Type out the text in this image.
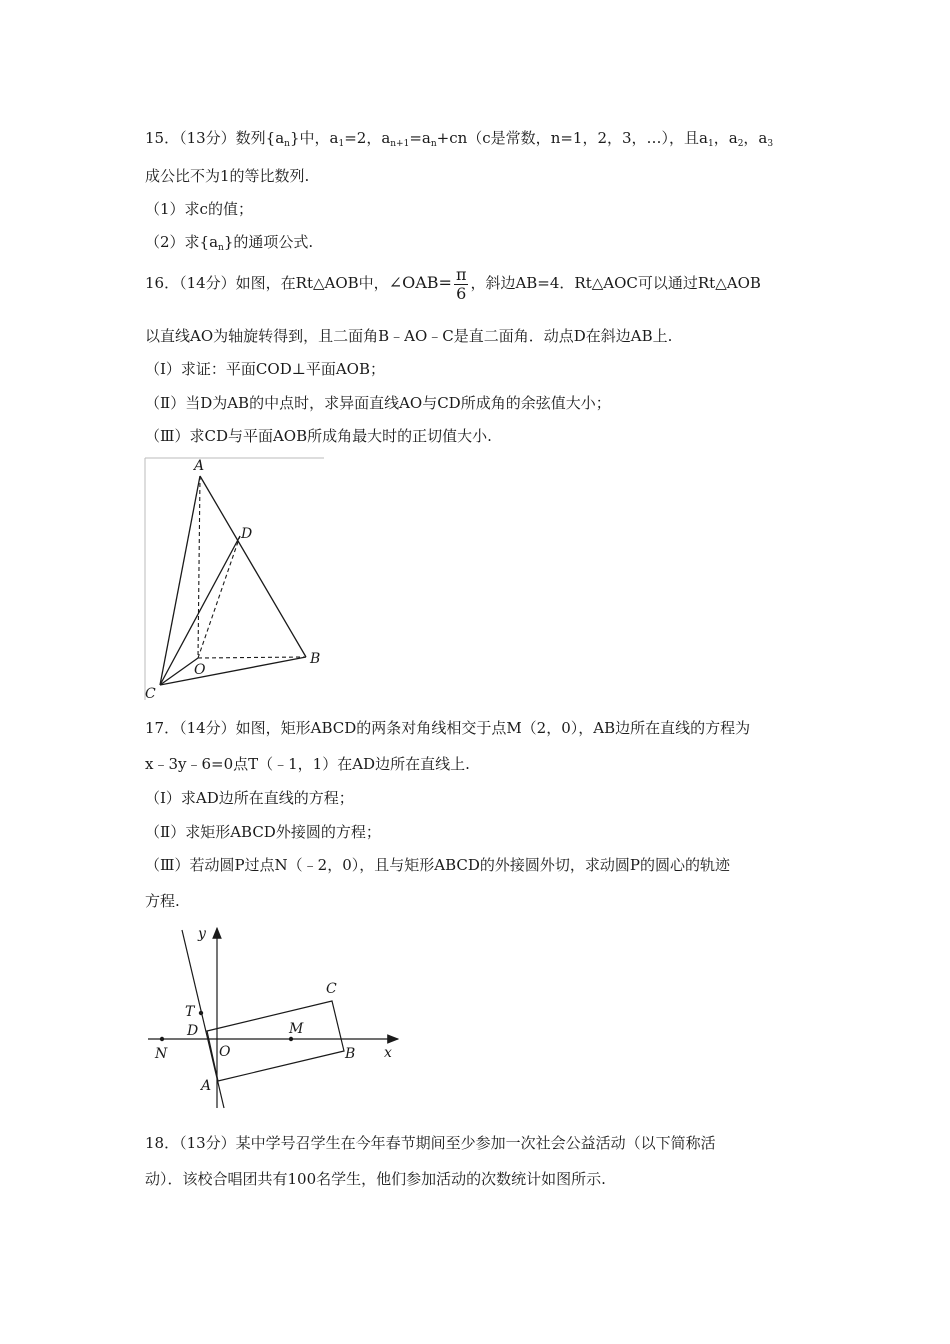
15．（13分）数列$\{a_n\}$中，$a_1=2$，$a_{n+1}=a_n+cn(c$是常数，n=1，2，3，…），且$a_1$，$a_2$，$a_3$
成公比不为1的等比数列.
（1）求c的值；
（2）求$\{a_n\}$的通项公式.
16．（14分）如图，在Rt△AOB中，∠OAB= $\frac{\pi}{6}$ ，斜边AB=4．Rt△AOC可以通过Rt△AOB
以直线AO为轴旋转得到，且二面角B﹣AO﹣C是直二面角．动点D在斜边AB上.
（Ⅰ）求证：平面COD⊥平面AOB；
（Ⅱ）当D为AB的中点时，求异面直线AO与CD所成角的余弦值大小；
（Ⅲ）求CD与平面AOB所成角最大时的正切值大小.
A
D
O
B
C
17．（14分）如图，矩形ABCD的两条对角线相交于点M（2，0），AB边所在直线的方程为
x﹣3y﹣6=0点T（﹣1，1）在AD边所在直线上.
（Ⅰ）求AD边所在直线的方程；
（Ⅱ）求矩形ABCD外接圆的方程；
（Ⅲ）若动圆P过点N（﹣2，0），且与矩形ABCD的外接圆外切，求动圆P的圆心的轨迹
方程.
y
x
T
D
O
N
M
C
B
A
18．（13分）某中学号召学生在今年春节期间至少参加一次社会公益活动（以下简称活
动）．该校合唱团共有100名学生，他们参加活动的次数统计如图所示.
